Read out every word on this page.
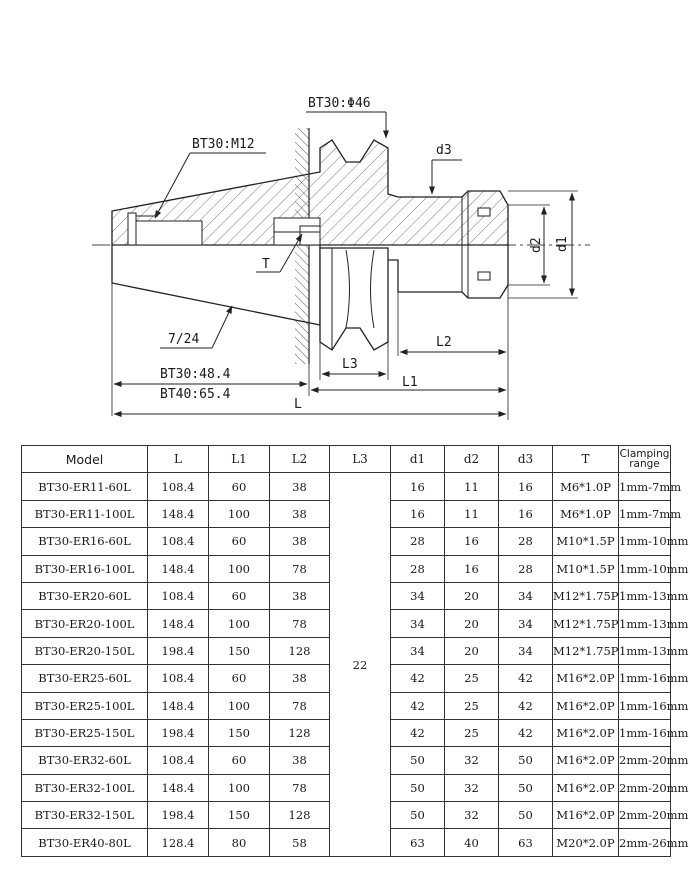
BT30:Φ46
BT30:M12	d3
d2 d1
T
7/24	L2
L3
L1
BT30:48.4
BT40:65.4
L
Model	L	L1	L2	L3	d1	d2	d3	T	Clamping
range
BT30-ER11-60L	108.4	60	38	22	16	11	16	M6*1.0P	1mm-7mm
BT30-ER11-100L	148.4	100	38		16	11	16	M6*1.0P	1mm-7mm
BT30-ER16-60L	108.4	60	38		28	16	28	M10*1.5P	1mm-10mm
BT30-ER16-100L	148.4	100	78		28	16	28	M10*1.5P	1mm-10mm
BT30-ER20-60L	108.4	60	38		34	20	34	M12*1.75P	1mm-13mm
BT30-ER20-100L	148.4	100	78		34	20	34	M12*1.75P	1mm-13mm
BT30-ER20-150L	198.4	150	128		34	20	34	M12*1.75P	1mm-13mm
BT30-ER25-60L	108.4	60	38		42	25	42	M16*2.0P	1mm-16mm
BT30-ER25-100L	148.4	100	78		42	25	42	M16*2.0P	1mm-16mm
BT30-ER25-150L	198.4	150	128		42	25	42	M16*2.0P	1mm-16mm
BT30-ER32-60L	108.4	60	38		50	32	50	M16*2.0P	2mm-20mm
BT30-ER32-100L	148.4	100	78		50	32	50	M16*2.0P	2mm-20mm
BT30-ER32-150L	198.4	150	128		50	32	50	M16*2.0P	2mm-20mm
BT30-ER40-80L	128.4	80	58		63	40	63	M20*2.0P	2mm-26mm
